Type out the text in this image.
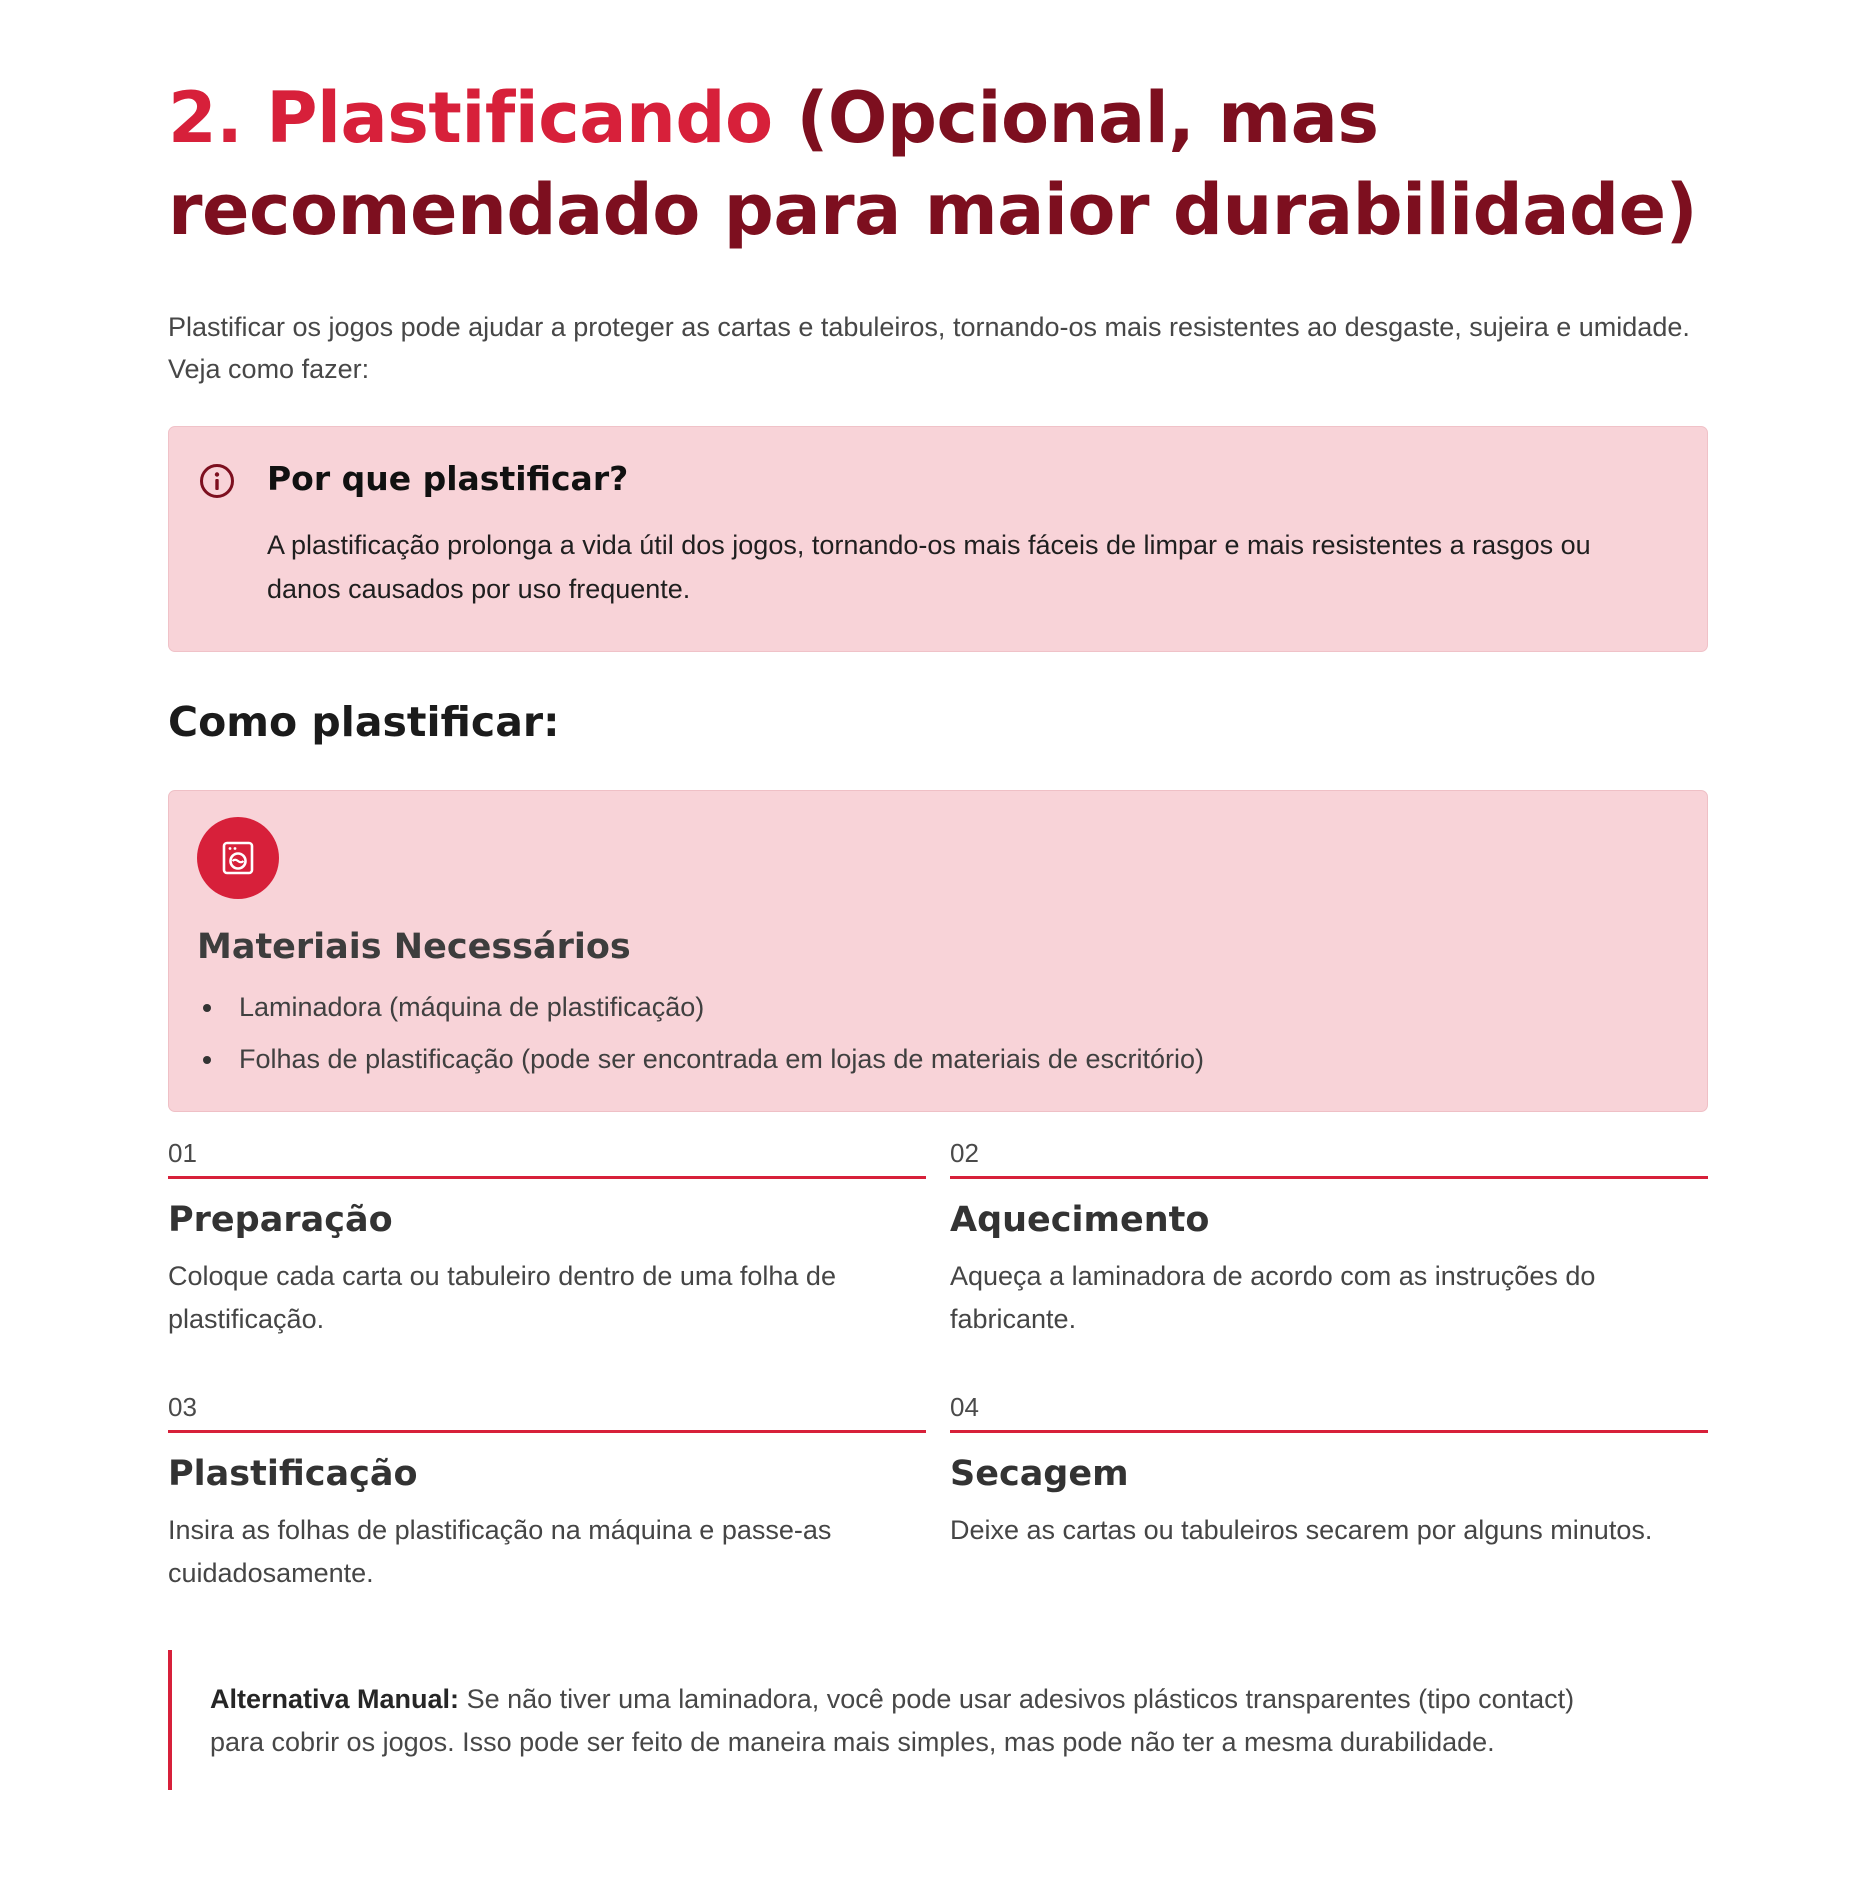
2. Plastificando (Opcional, mas recomendado para maior durabilidade)

Plastificar os jogos pode ajudar a proteger as cartas e tabuleiros, tornando-os mais resistentes ao desgaste, sujeira e umidade. Veja como fazer:

Por que plastificar?

A plastificação prolonga a vida útil dos jogos, tornando-os mais fáceis de limpar e mais resistentes a rasgos ou danos causados por uso frequente.

Como plastificar:
Materiais Necessários
Laminadora (máquina de plastificação)
Folhas de plastificação (pode ser encontrada em lojas de materiais de escritório)
01
Preparação

Coloque cada carta ou tabuleiro dentro de uma folha de plastificação.

02
Aquecimento

Aqueça a laminadora de acordo com as instruções do fabricante.

03
Plastificação

Insira as folhas de plastificação na máquina e passe-as cuidadosamente.

04
Secagem

Deixe as cartas ou tabuleiros secarem por alguns minutos.

Alternativa Manual: Se não tiver uma laminadora, você pode usar adesivos plásticos transparentes (tipo contact) para cobrir os jogos. Isso pode ser feito de maneira mais simples, mas pode não ter a mesma durabilidade.
